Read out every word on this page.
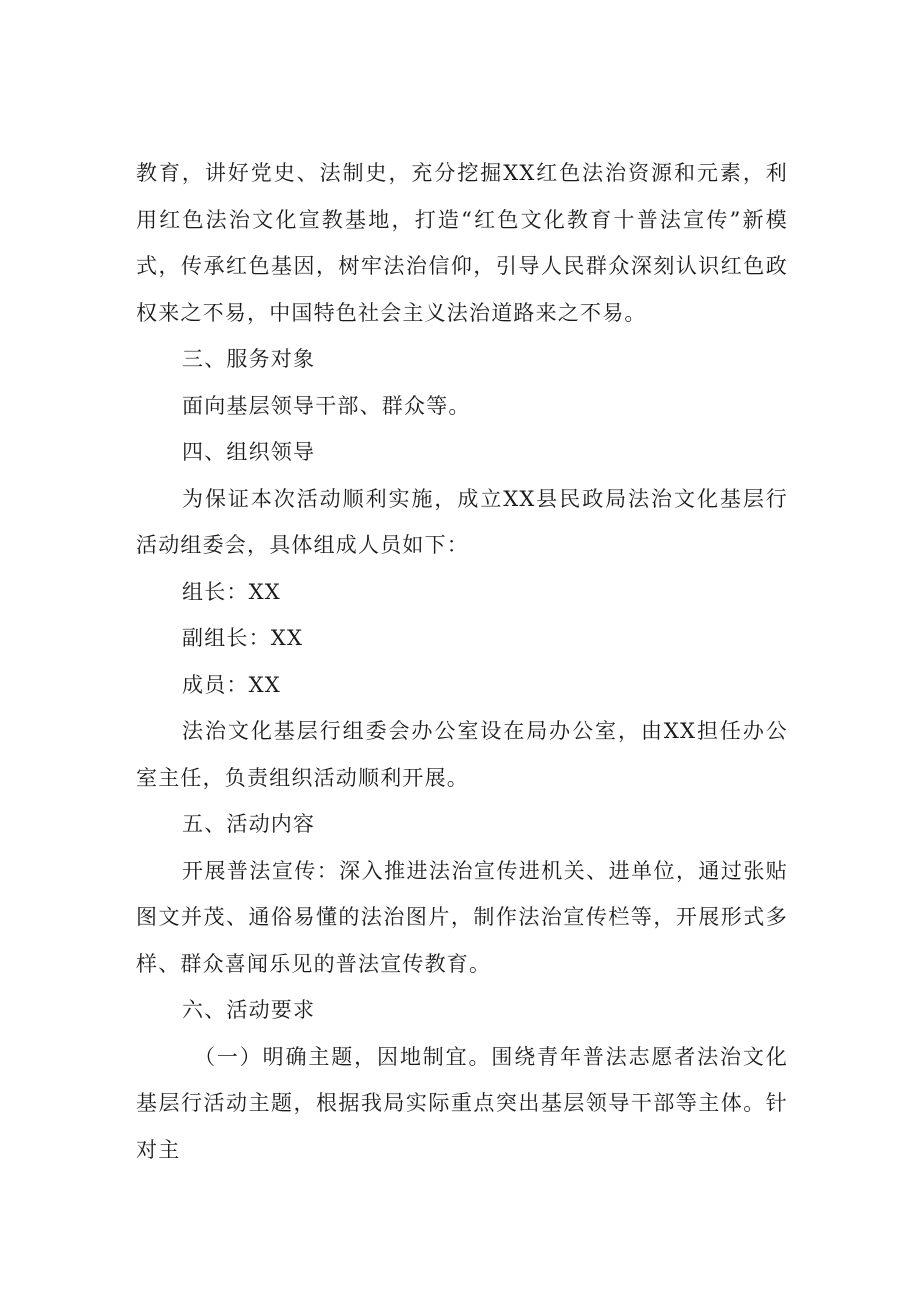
教育，讲好党史、法制史，充分挖掘XX红色法治资源和元素，利用红色法治文化宣教基地，打造“红色文化教育十普法宣传”新模式，传承红色基因，树牢法治信仰，引导人民群众深刻认识红色政权来之不易，中国特色社会主义法治道路来之不易。

三、服务对象

面向基层领导干部、群众等。

四、组织领导

为保证本次活动顺利实施，成立XX县民政局法治文化基层行活动组委会，具体组成人员如下：

组长：XX

副组长：XX

成员：XX

法治文化基层行组委会办公室设在局办公室，由XX担任办公室主任，负责组织活动顺利开展。

五、活动内容

开展普法宣传：深入推进法治宣传进机关、进单位，通过张贴图文并茂、通俗易懂的法治图片，制作法治宣传栏等，开展形式多样、群众喜闻乐见的普法宣传教育。

六、活动要求

（一）明确主题，因地制宜。围绕青年普法志愿者法治文化基层行活动主题，根据我局实际重点突出基层领导干部等主体。针对主
